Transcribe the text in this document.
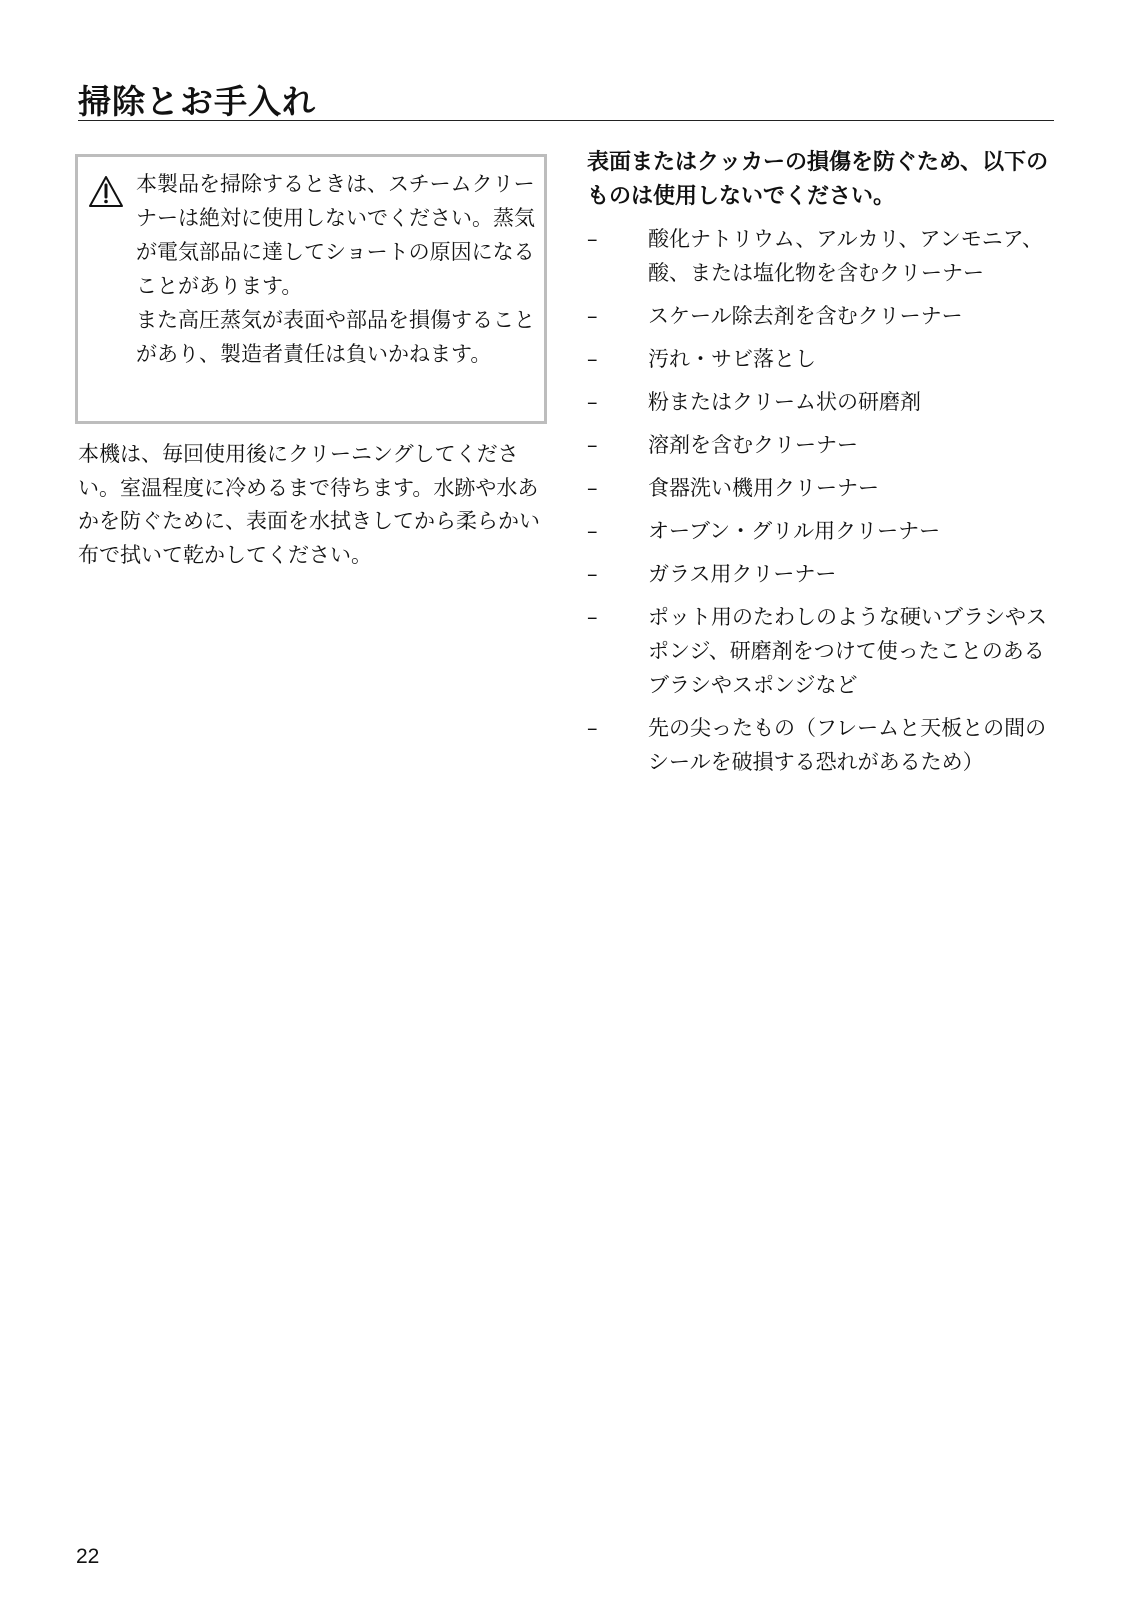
掃除とお手入れ

本製品を掃除するときは、スチームクリーナーは絶対に使用しないでください。蒸気が電気部品に達してショートの原因になることがあります。

また高圧蒸気が表面や部品を損傷することがあり、製造者責任は負いかねます。

本機は、毎回使用後にクリーニングしてください。室温程度に冷めるまで待ちます。水跡や水あかを防ぐために、表面を水拭きしてから柔らかい布で拭いて乾かしてください。

表面またはクッカーの損傷を防ぐため、以下のものは使用しないでください。
–	酸化ナトリウム、アルカリ、アンモニア、酸、または塩化物を含むクリーナー
–	スケール除去剤を含むクリーナー
–	汚れ・サビ落とし
–	粉またはクリーム状の研磨剤
–	溶剤を含むクリーナー
–	食器洗い機用クリーナー
–	オーブン・グリル用クリーナー
–	ガラス用クリーナー
–	ポット用のたわしのような硬いブラシやスポンジ、研磨剤をつけて使ったことのあるブラシやスポンジなど
–	先の尖ったもの（フレームと天板との間のシールを破損する恐れがあるため）
22
